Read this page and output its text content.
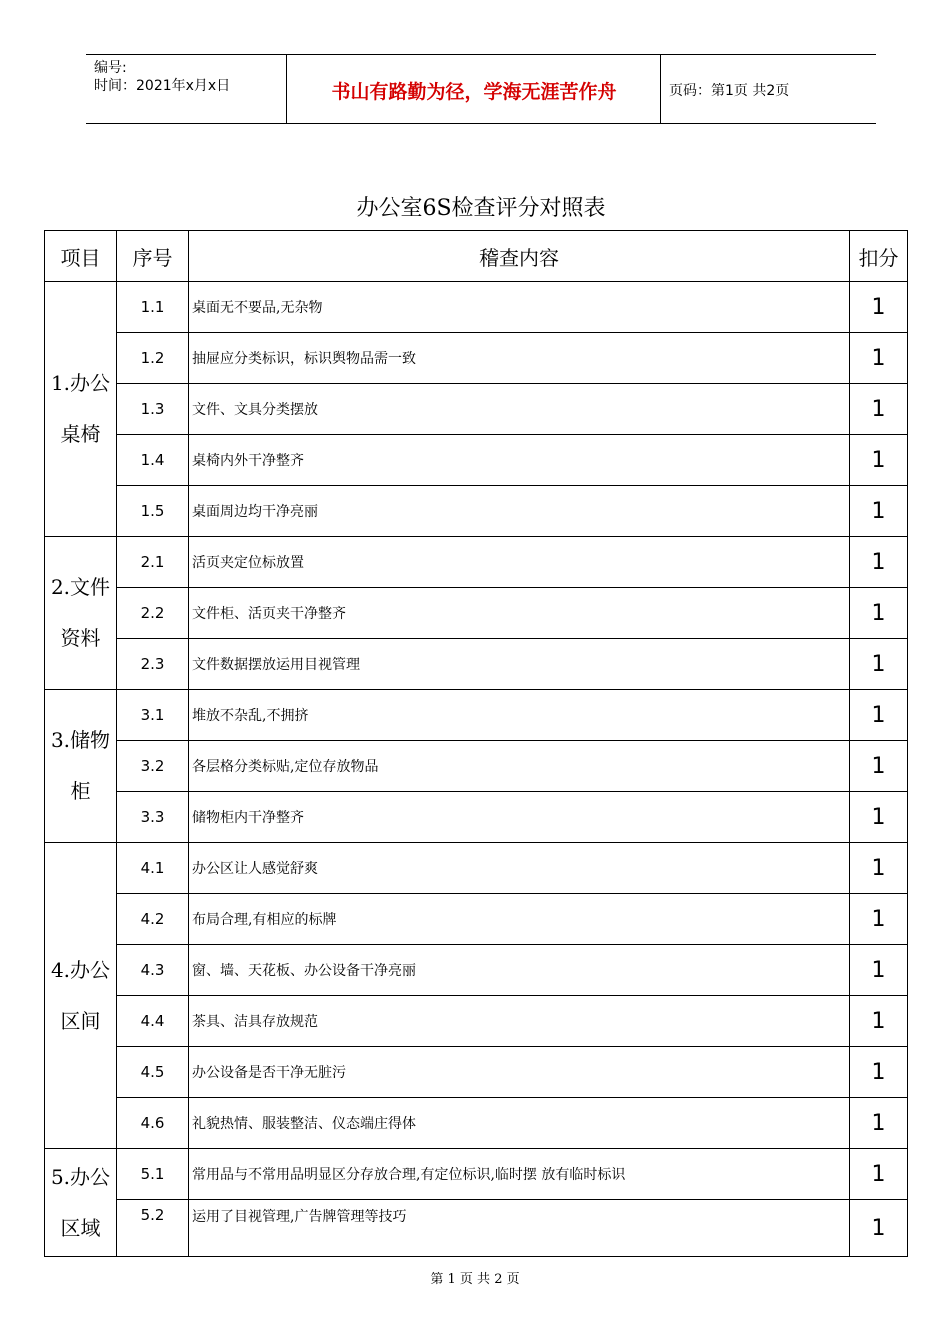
编号:
时间：2021年x月x日	书山有路勤为径，学海无涯苦作舟	页码：第1页 共2页
办公室6S检查评分对照表
项目	序号	稽查内容	扣分
1.办公桌椅	1.1	桌面无不要品,无杂物	1
	1.2	抽屉应分类标识，标识舆物品需一致	1
	1.3	文件、文具分类摆放	1
	1.4	桌椅内外干净整齐	1
	1.5	桌面周边均干净亮丽	1
2.文件资料	2.1	活页夹定位标放置	1
	2.2	文件柜、活页夹干净整齐	1
	2.3	文件数据摆放运用目视管理	1
3.储物柜	3.1	堆放不杂乱,不拥挤	1
	3.2	各层格分类标贴,定位存放物品	1
	3.3	储物柜内干净整齐	1
4.办公区间	4.1	办公区让人感觉舒爽	1
	4.2	布局合理,有相应的标牌	1
	4.3	窗、墙、天花板、办公设备干净亮丽	1
	4.4	茶具、洁具存放规范	1
	4.5	办公设备是否干净无脏污	1
	4.6	礼貌热情、服装整洁、仪态端庄得体	1
5.办公区域	5.1	常用品与不常用品明显区分存放合理,有定位标识,临时摆 放有临时标识	1
	5.2	运用了目视管理,广告牌管理等技巧	1
第 1 页 共 2 页
